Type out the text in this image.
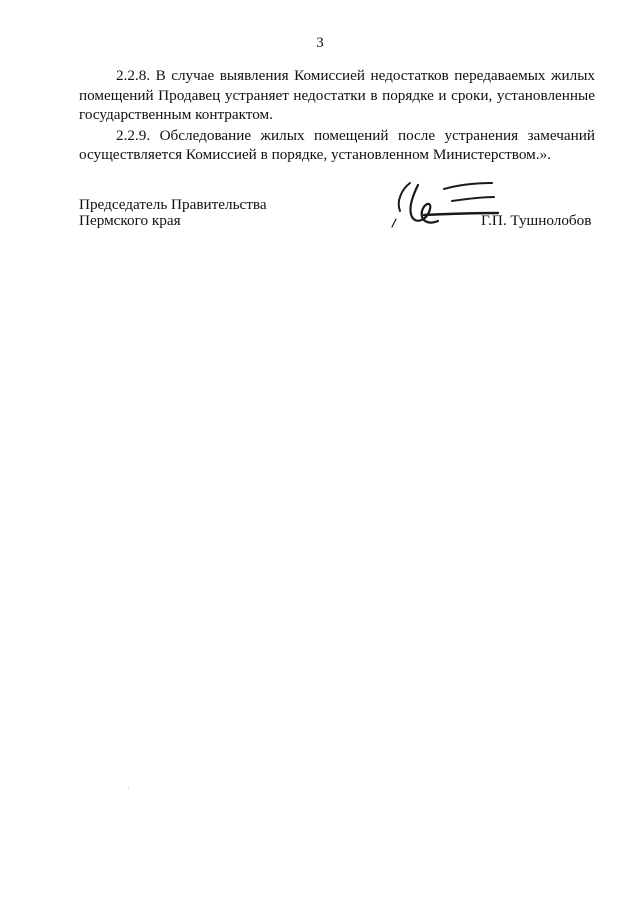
3

2.2.8. В случае выявления Комиссией недостатков передаваемых жилых помещений Продавец устраняет недостатки в порядке и сроки, установленные государственным контрактом.

2.2.9. Обследование жилых помещений после устранения замечаний осуществляется Комиссией в порядке, установленном Министерством.».

Председатель Правительства
Пермского края	Г.П. Тушнолобов
